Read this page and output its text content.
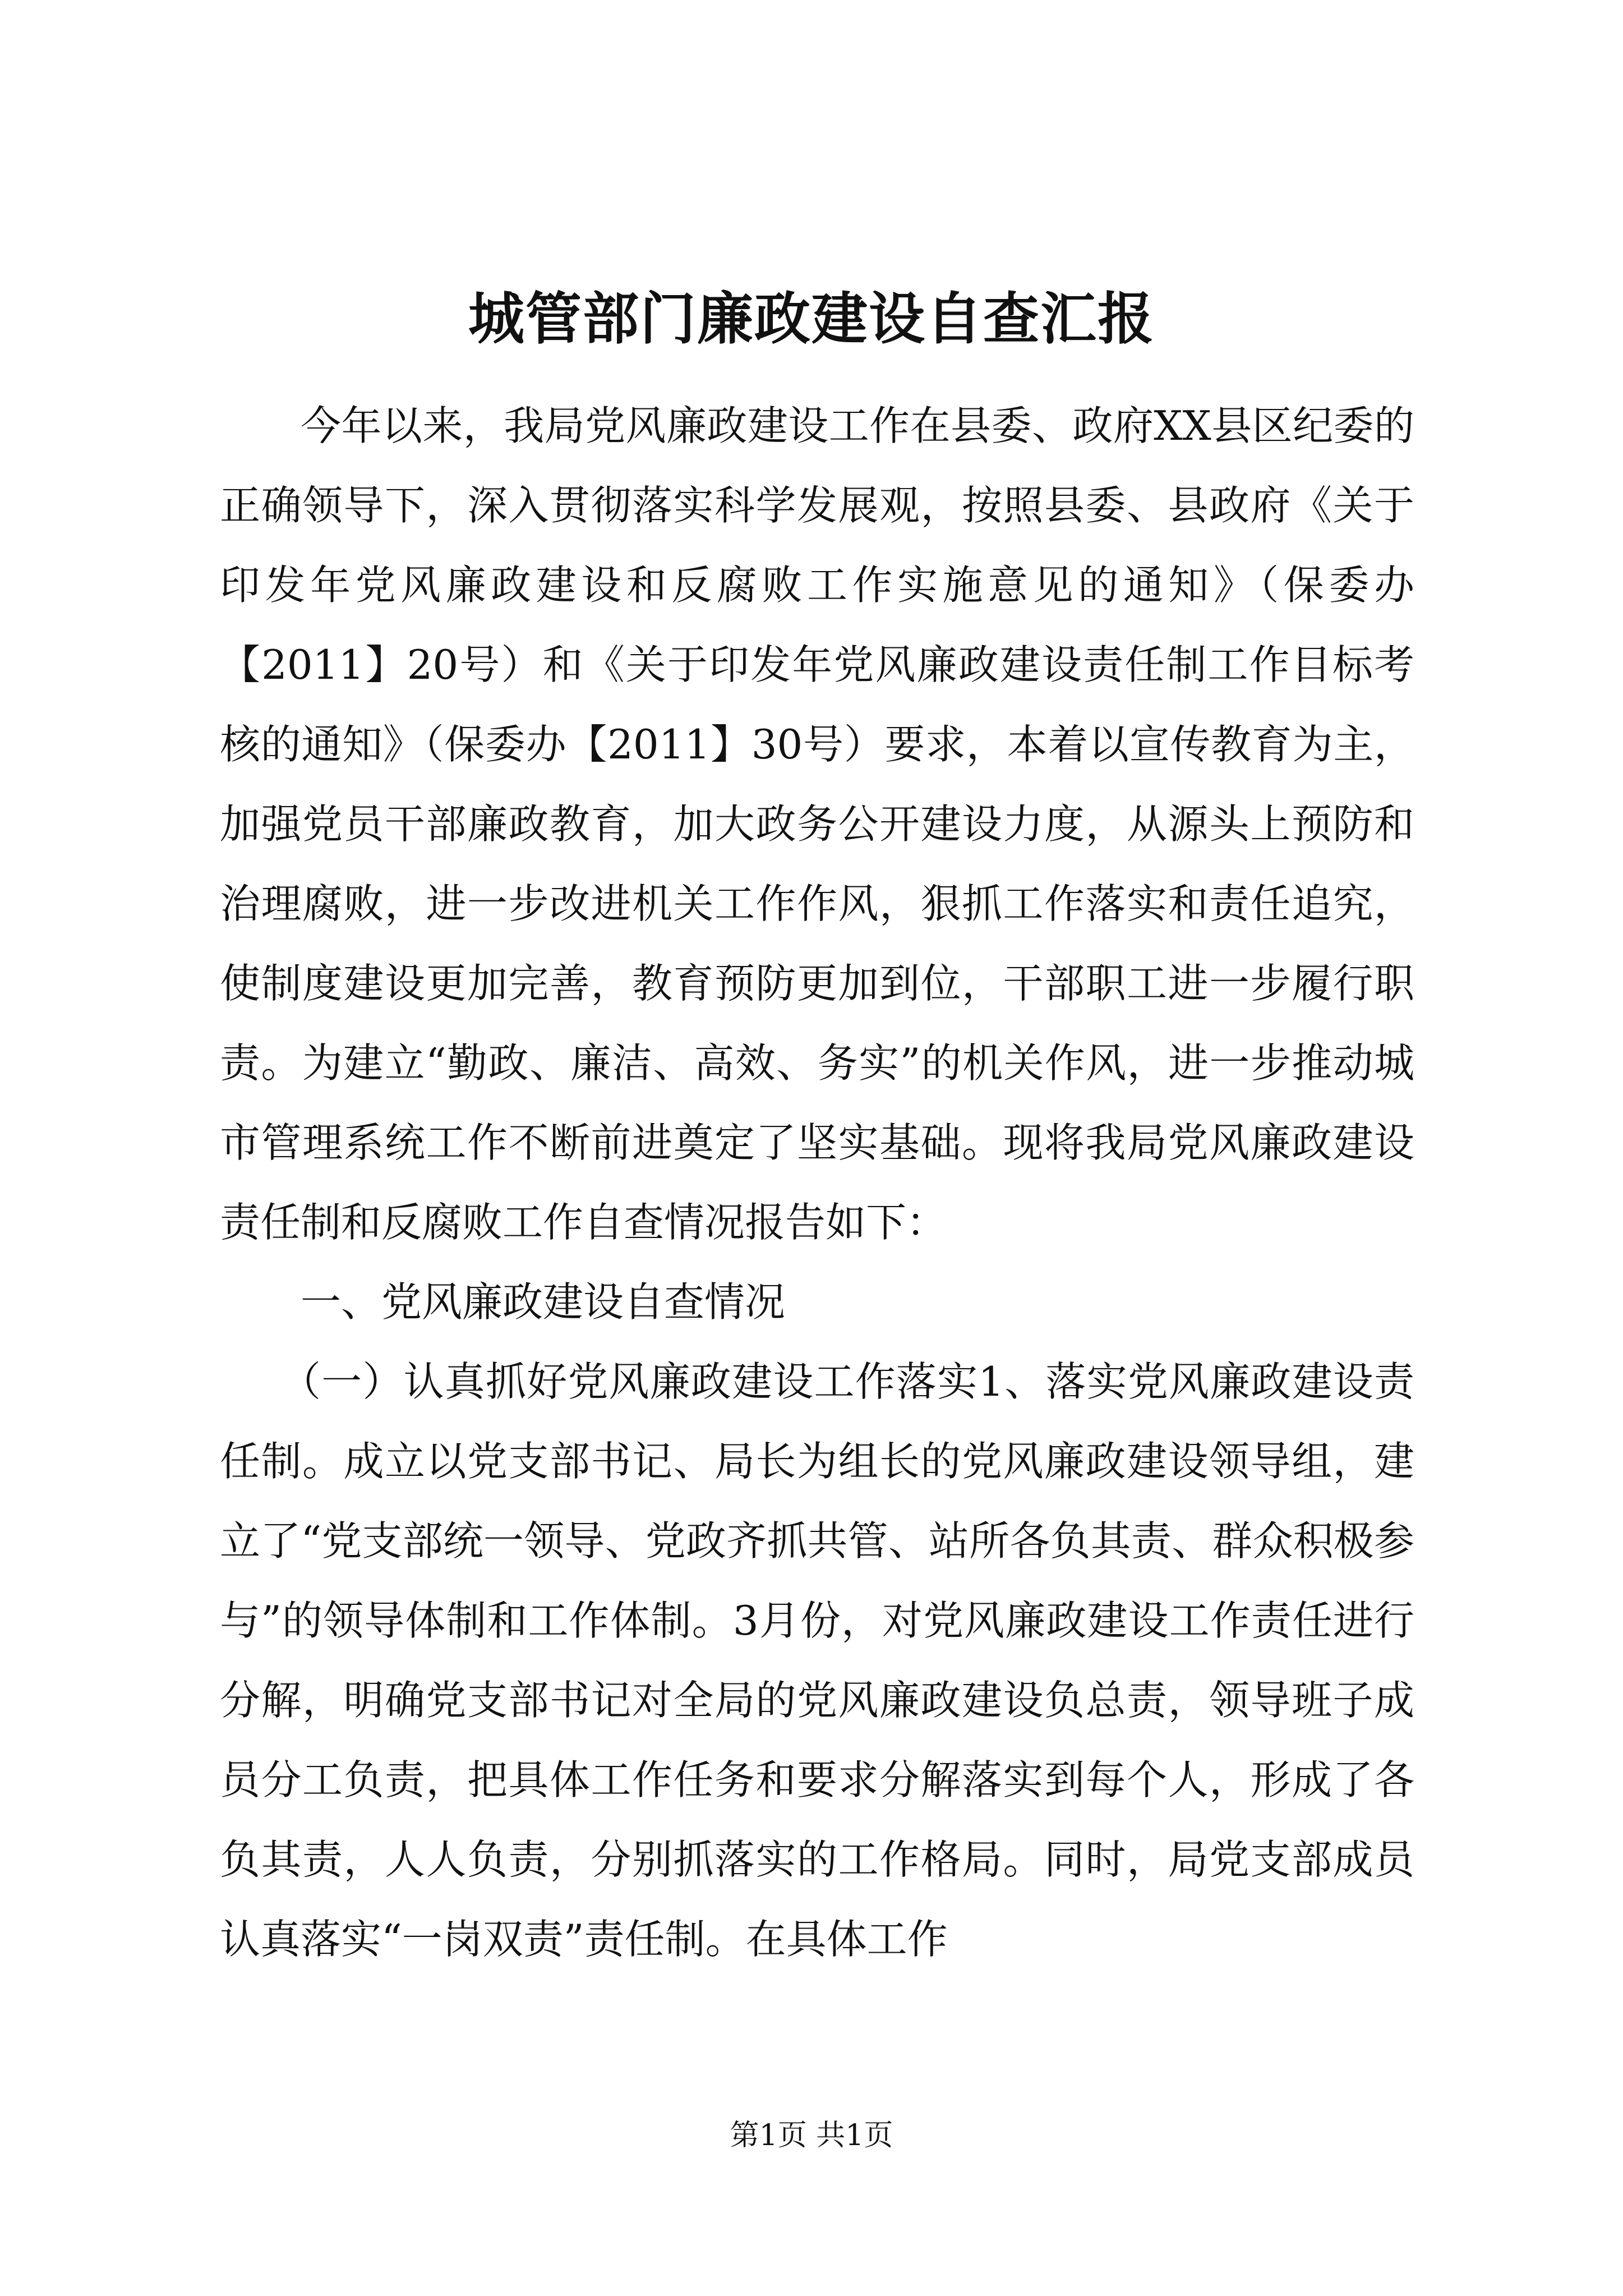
城管部门廉政建设自查汇报

今年以来，我局党风廉政建设工作在县委、政府XX县区纪委的正确领导下，深入贯彻落实科学发展观，按照县委、县政府《关于印发年党风廉政建设和反腐败工作实施意见的通知》（保委办【2011】20号）和《关于印发年党风廉政建设责任制工作目标考核的通知》（保委办【2011】30号）要求，本着以宣传教育为主，加强党员干部廉政教育，加大政务公开建设力度，从源头上预防和治理腐败，进一步改进机关工作作风，狠抓工作落实和责任追究，使制度建设更加完善，教育预防更加到位，干部职工进一步履行职责。为建立“勤政、廉洁、高效、务实”的机关作风，进一步推动城市管理系统工作不断前进奠定了坚实基础。现将我局党风廉政建设责任制和反腐败工作自查情况报告如下：

一、党风廉政建设自查情况

（一）认真抓好党风廉政建设工作落实1、落实党风廉政建设责任制。成立以党支部书记、局长为组长的党风廉政建设领导组，建立了“党支部统一领导、党政齐抓共管、站所各负其责、群众积极参与”的领导体制和工作体制。3月份，对党风廉政建设工作责任进行分解，明确党支部书记对全局的党风廉政建设负总责，领导班子成员分工负责，把具体工作任务和要求分解落实到每个人，形成了各负其责，人人负责，分别抓落实的工作格局。同时，局党支部成员认真落实“一岗双责”责任制。在具体工作

第1页 共1页
